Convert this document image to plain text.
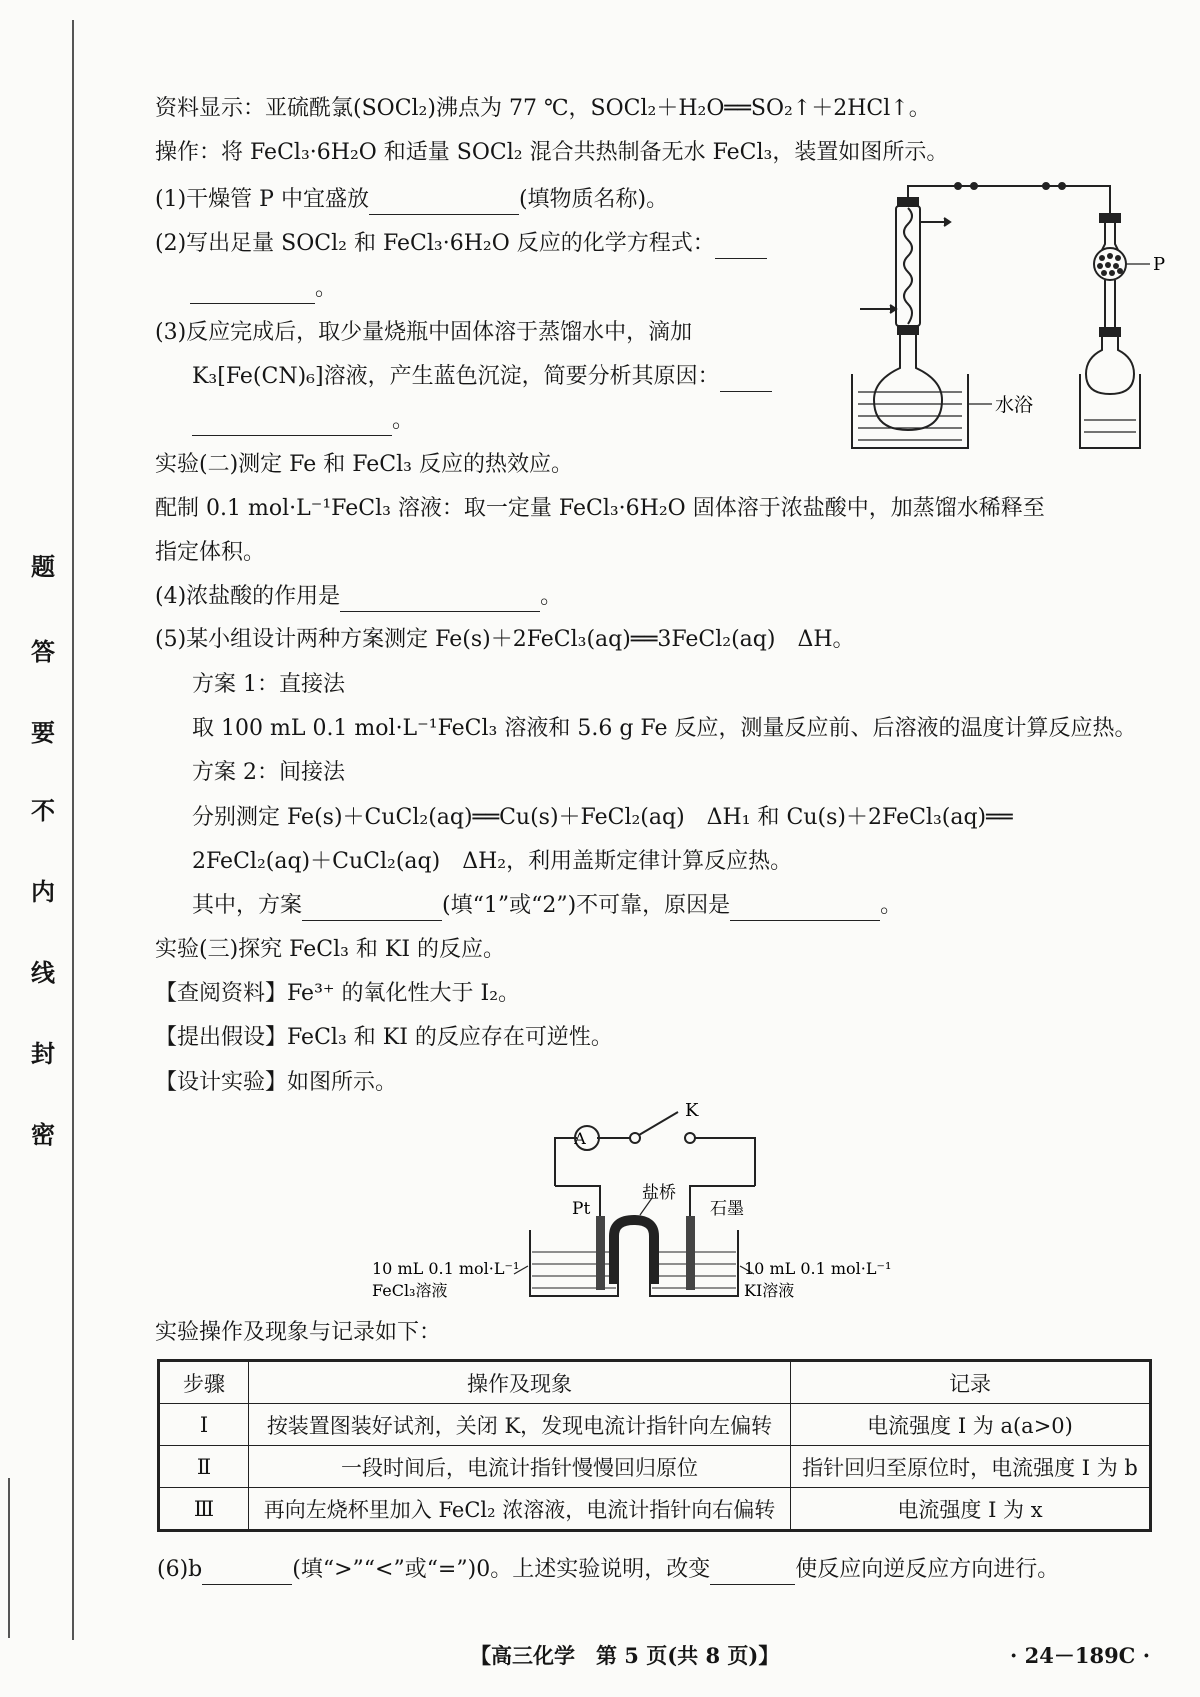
题
答
要
不
内
线
封
密
资料显示：亚硫酰氯(SOCl₂)沸点为 77 ℃，SOCl₂＋H₂O══SO₂↑＋2HCl↑。
操作：将 FeCl₃·6H₂O 和适量 SOCl₂ 混合共热制备无水 FeCl₃，装置如图所示。
(1)干燥管 P 中宜盛放	(填物质名称)。
(2)写出足量 SOCl₂ 和 FeCl₃·6H₂O 反应的化学方程式：
。
(3)反应完成后，取少量烧瓶中固体溶于蒸馏水中，滴加
K₃[Fe(CN)₆]溶液，产生蓝色沉淀，简要分析其原因：
。
实验(二)测定 Fe 和 FeCl₃ 反应的热效应。
配制 0.1 mol·L⁻¹FeCl₃ 溶液：取一定量 FeCl₃·6H₂O 固体溶于浓盐酸中，加蒸馏水稀释至
指定体积。
(4)浓盐酸的作用是	。
(5)某小组设计两种方案测定 Fe(s)＋2FeCl₃(aq)══3FeCl₂(aq)　ΔH。
方案 1：直接法
取 100 mL 0.1 mol·L⁻¹FeCl₃ 溶液和 5.6 g Fe 反应，测量反应前、后溶液的温度计算反应热。
方案 2：间接法
分别测定 Fe(s)＋CuCl₂(aq)══Cu(s)＋FeCl₂(aq)　ΔH₁ 和 Cu(s)＋2FeCl₃(aq)══
2FeCl₂(aq)＋CuCl₂(aq)　ΔH₂，利用盖斯定律计算反应热。
其中，方案	(填“1”或“2”)不可靠，原因是	。
实验(三)探究 FeCl₃ 和 KI 的反应。
【查阅资料】Fe³⁺ 的氧化性大于 I₂。
【提出假设】FeCl₃ 和 KI 的反应存在可逆性。
【设计实验】如图所示。
P
水浴
A
K
Pt
盐桥
石墨
10 mL 0.1 mol·L⁻¹
FeCl₃溶液
10 mL 0.1 mol·L⁻¹
KI溶液
实验操作及现象与记录如下：
步骤	操作及现象	记录
Ⅰ	按装置图装好试剂，关闭 K，发现电流计指针向左偏转	电流强度 I 为 a(a>0)
Ⅱ	一段时间后，电流计指针慢慢回归原位	指针回归至原位时，电流强度 I 为 b
Ⅲ	再向左烧杯里加入 FeCl₂ 浓溶液，电流计指针向右偏转	电流强度 I 为 x
(6)b	(填“>”“<”或“=”)0。上述实验说明，改变	使反应向逆反应方向进行。
【高三化学　第 5 页(共 8 页)】	· 24－189C ·
